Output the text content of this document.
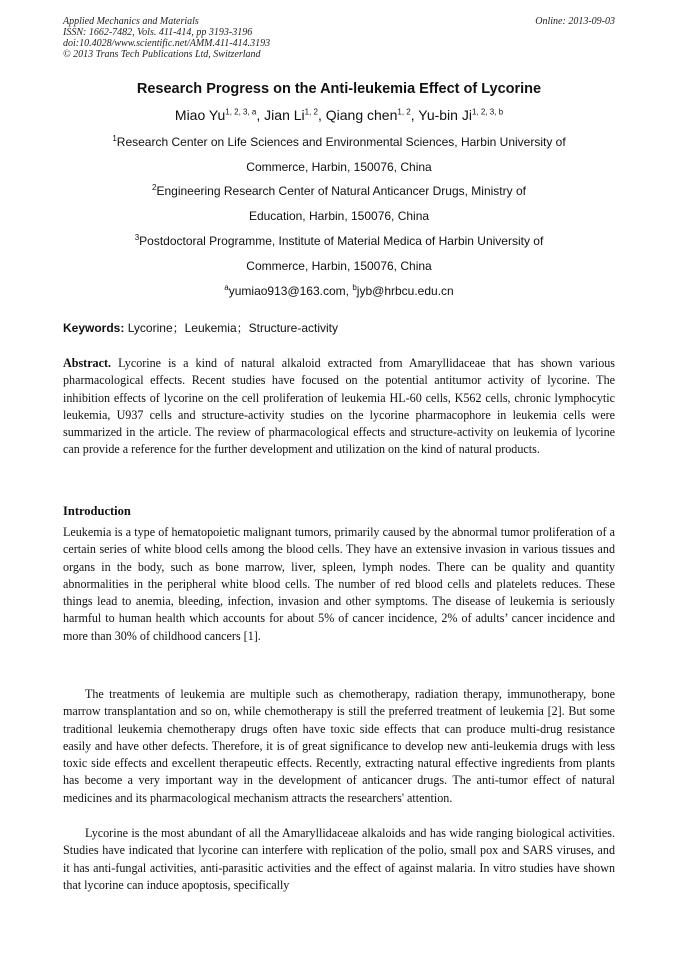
Applied Mechanics and Materials
ISSN: 1662-7482, Vols. 411-414, pp 3193-3196
doi:10.4028/www.scientific.net/AMM.411-414.3193
© 2013 Trans Tech Publications Ltd, Switzerland
Online: 2013-09-03
Research Progress on the Anti-leukemia Effect of Lycorine
Miao Yu$^{1, 2, 3, a}$, Jian Li$^{1, 2}$, Qiang chen$^{1, 2}$, Yu-bin Ji$^{1, 2, 3, b}$
$^1$Research Center on Life Sciences and Environmental Sciences, Harbin University of
Commerce, Harbin, 150076, China
$^2$Engineering Research Center of Natural Anticancer Drugs, Ministry of
Education, Harbin, 150076, China
$^3$Postdoctoral Programme, Institute of Material Medica of Harbin University of
Commerce, Harbin, 150076, China
$^a$yumiao913@163.com, $^b$jyb@hrbcu.edu.cn
Keywords: Lycorine；Leukemia；Structure-activity

Abstract. Lycorine is a kind of natural alkaloid extracted from Amaryllidaceae that has shown various pharmacological effects. Recent studies have focused on the potential antitumor activity of lycorine. The inhibition effects of lycorine on the cell proliferation of leukemia HL-60 cells, K562 cells, chronic lymphocytic leukemia, U937 cells and structure-activity studies on the lycorine pharmacophore in leukemia cells were summarized in the article. The review of pharmacological effects and structure-activity on leukemia of lycorine can provide a reference for the further development and utilization on the kind of natural products.

Introduction

Leukemia is a type of hematopoietic malignant tumors, primarily caused by the abnormal tumor proliferation of a certain series of white blood cells among the blood cells. They have an extensive invasion in various tissues and organs in the body, such as bone marrow, liver, spleen, lymph nodes. There can be quality and quantity abnormalities in the peripheral white blood cells. The number of red blood cells and platelets reduces. These things lead to anemia, bleeding, infection, invasion and other symptoms. The disease of leukemia is seriously harmful to human health which accounts for about 5% of cancer incidence, 2% of adults’ cancer incidence and more than 30% of childhood cancers [1].

The treatments of leukemia are multiple such as chemotherapy, radiation therapy, immunotherapy, bone marrow transplantation and so on, while chemotherapy is still the preferred treatment of leukemia [2]. But some traditional leukemia chemotherapy drugs often have toxic side effects that can produce multi-drug resistance easily and have other defects. Therefore, it is of great significance to develop new anti-leukemia drugs with less toxic side effects and excellent therapeutic effects. Recently, extracting natural effective ingredients from plants has become a very important way in the development of anticancer drugs. The anti-tumor effect of natural medicines and its pharmacological mechanism attracts the researchers' attention.

Lycorine is the most abundant of all the Amaryllidaceae alkaloids and has wide ranging biological activities. Studies have indicated that lycorine can interfere with replication of the polio, small pox and SARS viruses, and it has anti-fungal activities, anti-parasitic activities and the effect of against malaria. In vitro studies have shown that lycorine can induce apoptosis, specifically
